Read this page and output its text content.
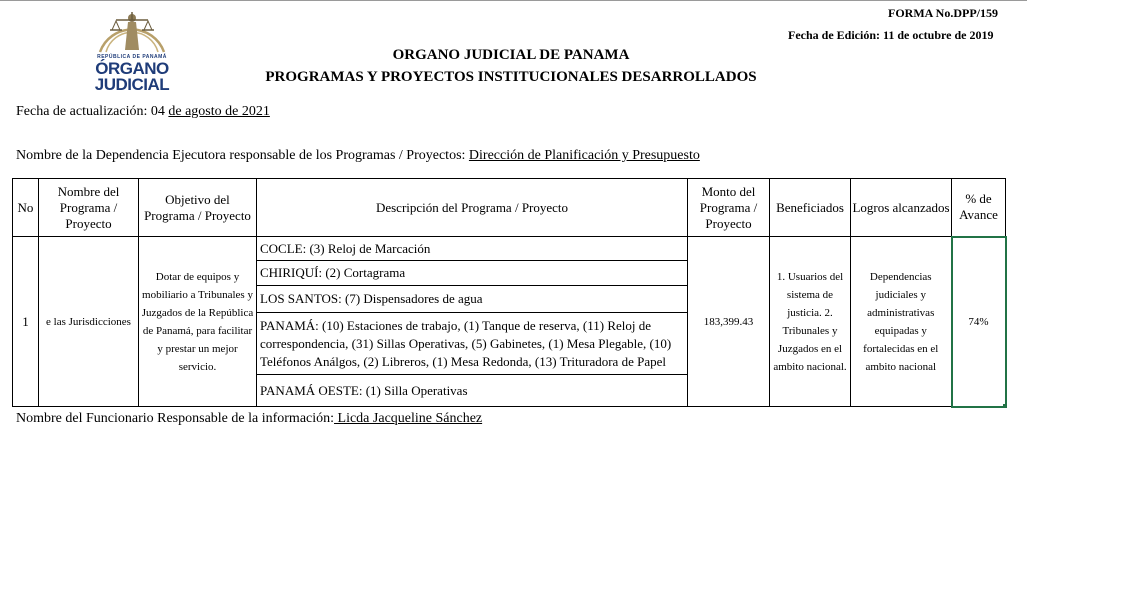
REPÚBLICA DE PANAMÁ
ÓRGANO
JUDICIAL
FORMA No.DPP/159
Fecha de Edición: 11 de octubre de 2019
ORGANO JUDICIAL DE PANAMA
PROGRAMAS Y PROYECTOS INSTITUCIONALES DESARROLLADOS
Fecha de actualización: 04 de agosto de 2021
Nombre de la Dependencia Ejecutora responsable de los Programas / Proyectos: Dirección de Planificación y Presupuesto
No	Nombre del Programa / Proyecto	Objetivo del Programa / Proyecto	Descripción del Programa / Proyecto	Monto del Programa / Proyecto	Beneficiados	Logros alcanzados	% de Avance
1	e las Jurisdicciones	Dotar de equipos y mobiliario a Tribunales y Juzgados de la República de Panamá, para facilitar y prestar un mejor servicio.	COCLE: (3) Reloj de Marcación	183,399.43	1. Usuarios del sistema de justicia. 2. Tribunales y Juzgados en el ambito nacional.	Dependencias judiciales y administrativas equipadas y fortalecidas en el ambito nacional	74%

			CHIRIQUÍ: (2) Cortagrama				
			LOS SANTOS: (7) Dispensadores de agua				
			PANAMÁ: (10) Estaciones de trabajo, (1) Tanque de reserva, (11) Reloj de correspondencia, (31) Sillas Operativas, (5) Gabinetes, (1) Mesa Plegable, (10) Teléfonos Análgos, (2) Libreros, (1) Mesa Redonda, (13) Trituradora de Papel				
			PANAMÁ OESTE: (1) Silla Operativas				
Nombre del Funcionario Responsable de la información: Licda Jacqueline Sánchez
